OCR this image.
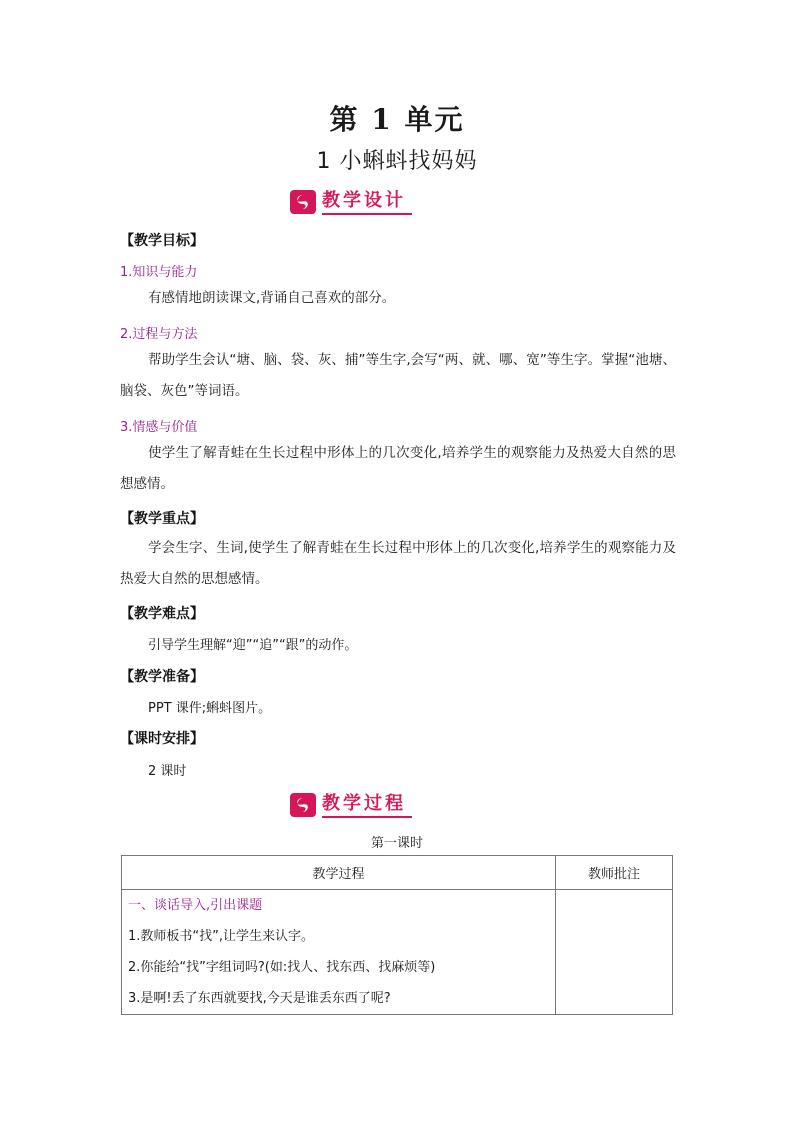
第 1 单元
1 小蝌蚪找妈妈
教学设计
【教学目标】
1.知识与能力
有感情地朗读课文,背诵自己喜欢的部分。
2.过程与方法
帮助学生会认“塘、脑、袋、灰、捕”等生字,会写“两、就、哪、宽”等生字。掌握“池塘、脑袋、灰色”等词语。
3.情感与价值
使学生了解青蛙在生长过程中形体上的几次变化,培养学生的观察能力及热爱大自然的思想感情。
【教学重点】
学会生字、生词,使学生了解青蛙在生长过程中形体上的几次变化,培养学生的观察能力及热爱大自然的思想感情。
【教学难点】
引导学生理解“迎”“追”“跟”的动作。
【教学准备】
PPT 课件;蝌蚪图片。
【课时安排】
2 课时
教学过程
第一课时
教学过程	教师批注

一、谈话导入,引出课题
1.教师板书“找”,让学生来认字。
2.你能给“找”字组词吗?(如:找人、找东西、找麻烦等)
3.是啊!丢了东西就要找,今天是谁丢东西了呢?	
